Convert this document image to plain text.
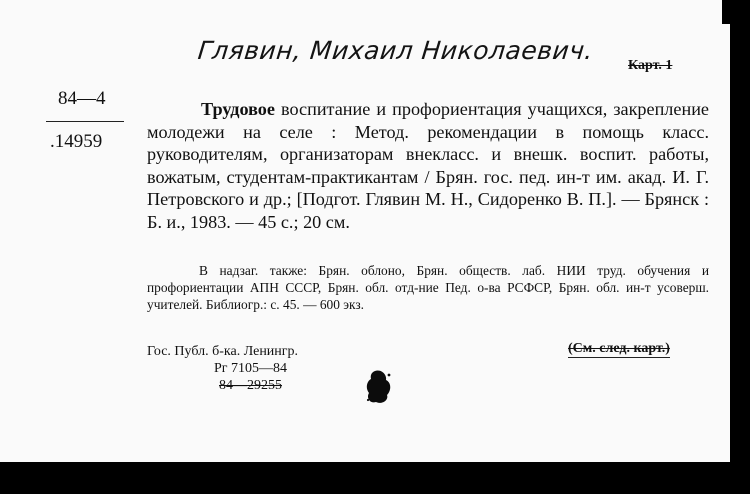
Глявин, Михаил Николаевич.
Карт. 1
84—4
.14959
Трудовое воспитание и профориентация учащихся, закрепление молодежи на селе : Метод. рекомендации в помощь класс. руководителям, организаторам внекласс. и внешк. воспит. работы, вожатым, студентам-практикантам / Брян. гос. пед. ин-т им. акад. И. Г. Петровского и др.; [Подгот. Глявин М. Н., Сидоренко В. П.]. — Брянск : Б. и., 1983. — 45 с.; 20 см.
В надзаг. также: Брян. облоно, Брян. обществ. лаб. НИИ труд. обучения и профориентации АПН СССР, Брян. обл. отд-ние Пед. о-ва РСФСР, Брян. обл. ин-т усоверш. учителей. Библиогр.: с. 45. — 600 экз.
Гос. Публ. б-ка. Ленингр.
Рг 7105—84
84—29255
(См. след. карт.)
